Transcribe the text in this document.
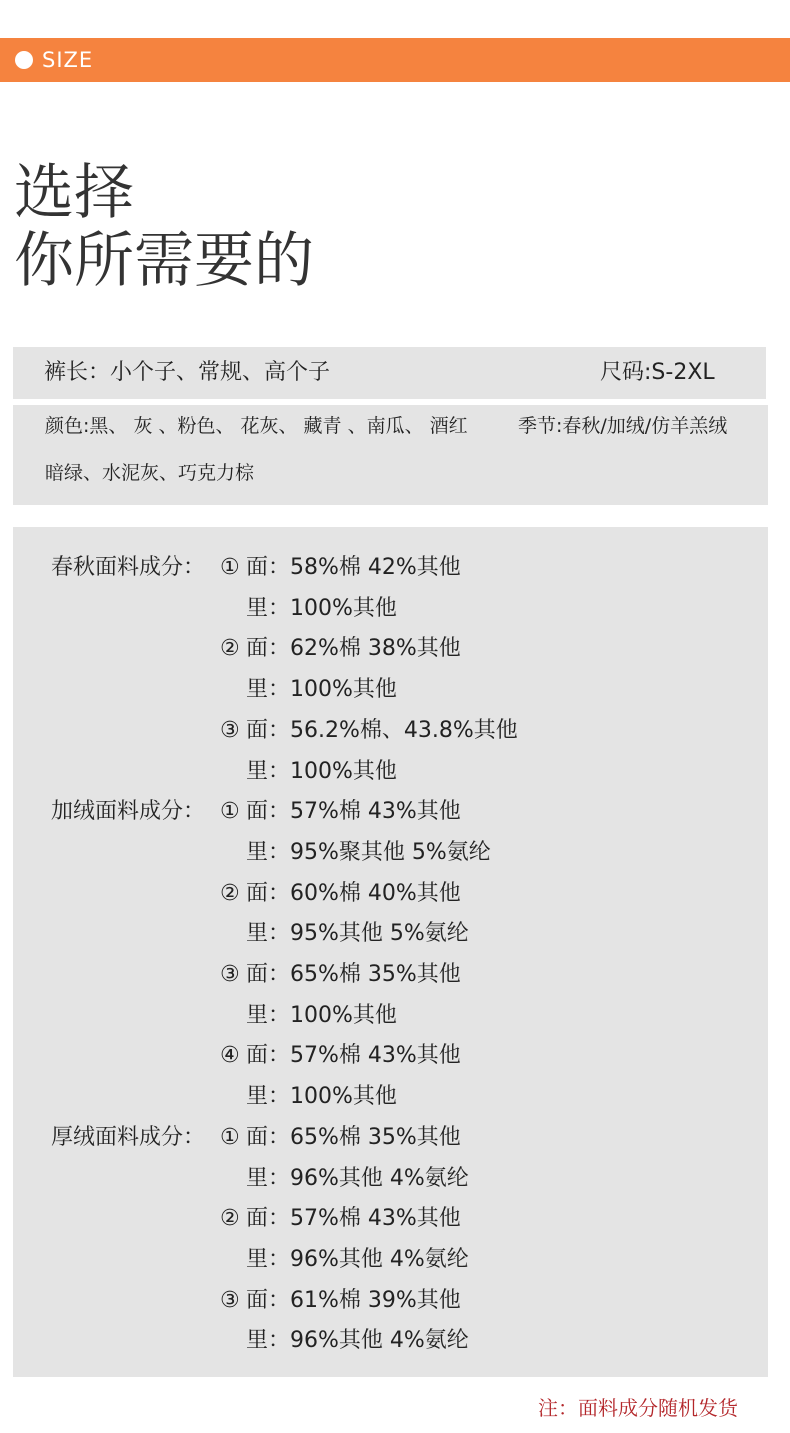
SIZE
选择
你所需要的
裤长：小个子、常规、高个子	尺码:S-2XL
颜色:黑、 灰 、粉色、 花灰、 藏青 、南瓜、 酒红	季节:春秋/加绒/仿羊羔绒
暗绿、水泥灰、巧克力棕
春秋面料成分： ① 面：58%棉 42%其他
里：100%其他
② 面：62%棉 38%其他
里：100%其他
③ 面：56.2%棉、43.8%其他
里：100%其他
加绒面料成分： ① 面：57%棉 43%其他
里：95%聚其他 5%氨纶
② 面：60%棉 40%其他
里：95%其他 5%氨纶
③ 面：65%棉 35%其他
里：100%其他
④ 面：57%棉 43%其他
里：100%其他
厚绒面料成分： ① 面：65%棉 35%其他
里：96%其他 4%氨纶
② 面：57%棉 43%其他
里：96%其他 4%氨纶
③ 面：61%棉 39%其他
里：96%其他 4%氨纶
注：面料成分随机发货
